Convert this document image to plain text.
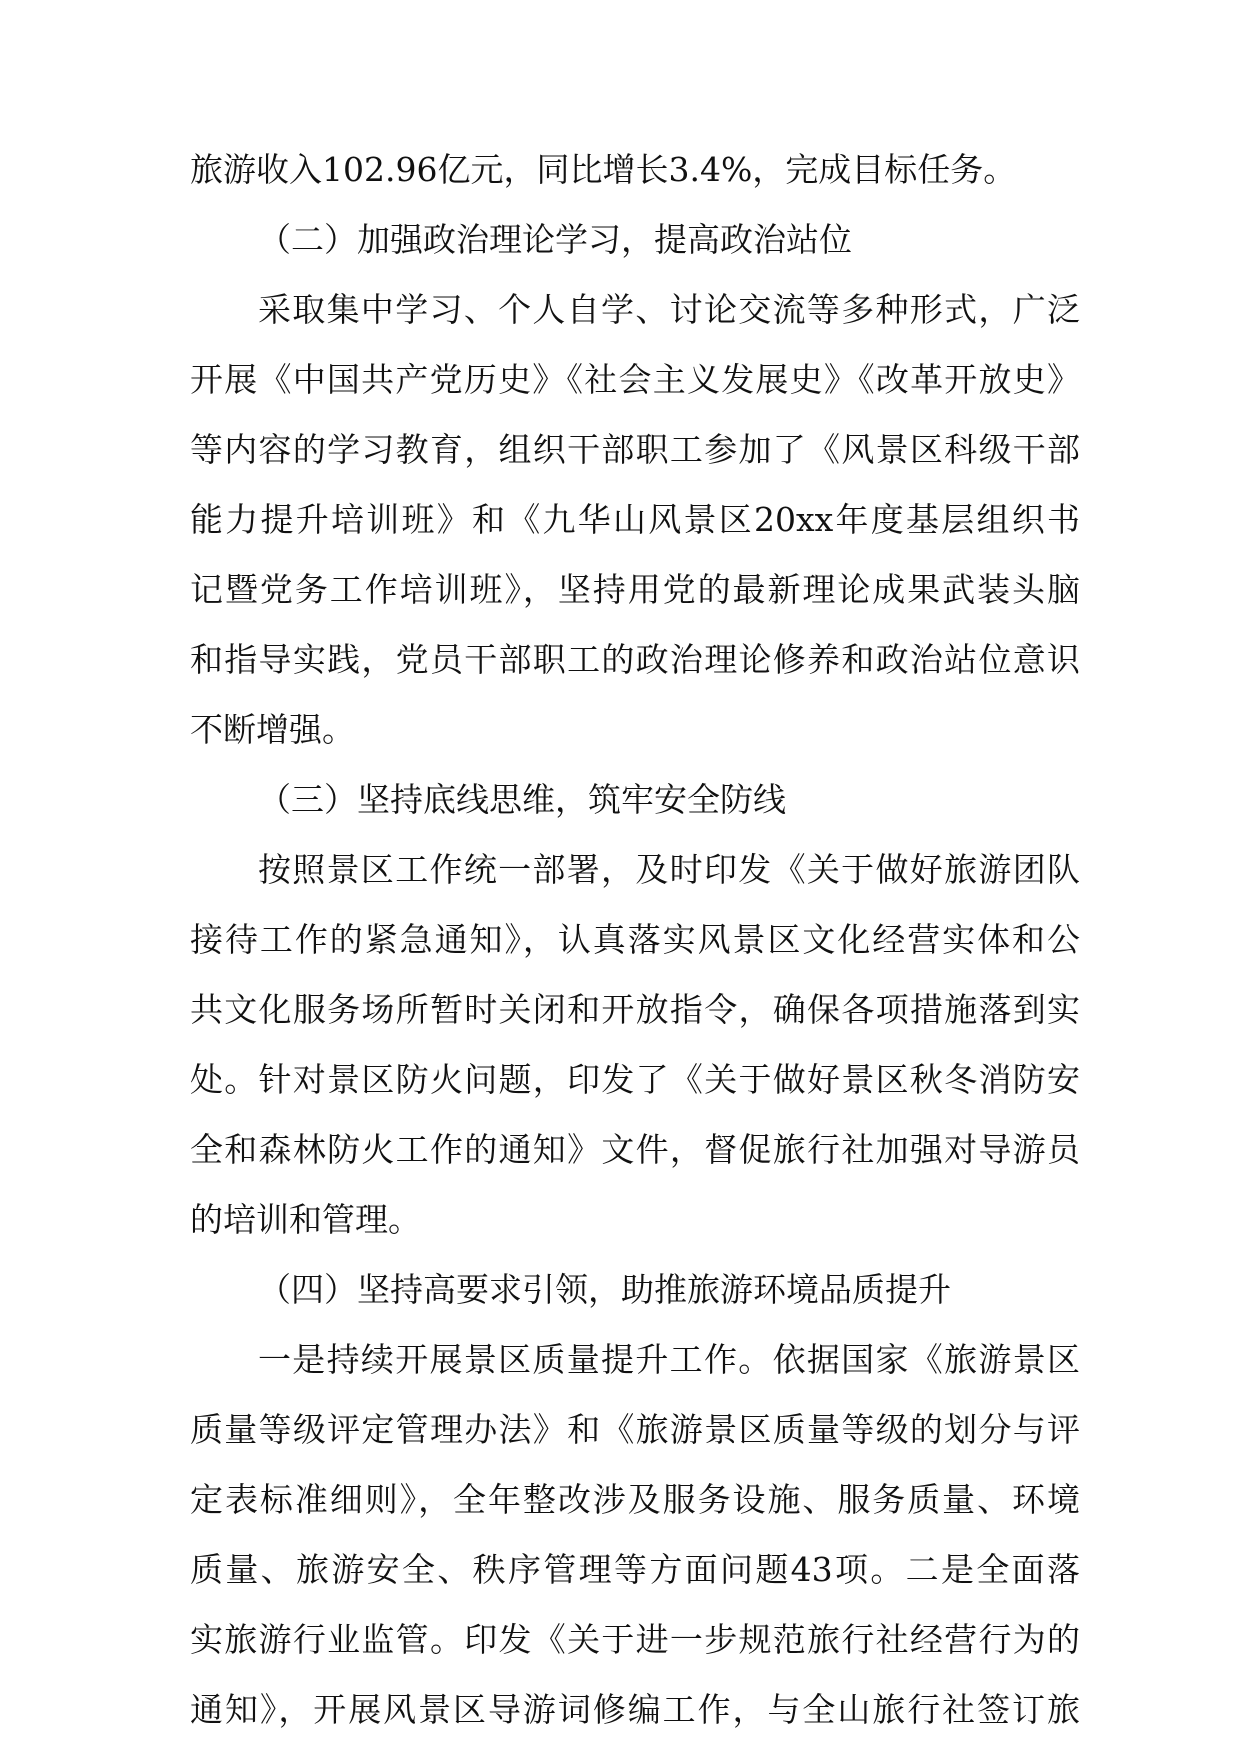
旅游收入102.96亿元，同比增长3.4%，完成目标任务。
（二）加强政治理论学习，提高政治站位
采取集中学习、个人自学、讨论交流等多种形式，广泛
开展《中国共产党历史》《社会主义发展史》《改革开放史》
等内容的学习教育，组织干部职工参加了《风景区科级干部
能力提升培训班》和《九华山风景区20xx年度基层组织书
记暨党务工作培训班》，坚持用党的最新理论成果武装头脑
和指导实践，党员干部职工的政治理论修养和政治站位意识
不断增强。
（三）坚持底线思维，筑牢安全防线
按照景区工作统一部署，及时印发《关于做好旅游团队
接待工作的紧急通知》，认真落实风景区文化经营实体和公
共文化服务场所暂时关闭和开放指令，确保各项措施落到实
处。针对景区防火问题，印发了《关于做好景区秋冬消防安
全和森林防火工作的通知》文件，督促旅行社加强对导游员
的培训和管理。
（四）坚持高要求引领，助推旅游环境品质提升
一是持续开展景区质量提升工作。依据国家《旅游景区
质量等级评定管理办法》和《旅游景区质量等级的划分与评
定表标准细则》，全年整改涉及服务设施、服务质量、环境
质量、旅游安全、秩序管理等方面问题43项。二是全面落
实旅游行业监管。印发《关于进一步规范旅行社经营行为的
通知》，开展风景区导游词修编工作，与全山旅行社签订旅
